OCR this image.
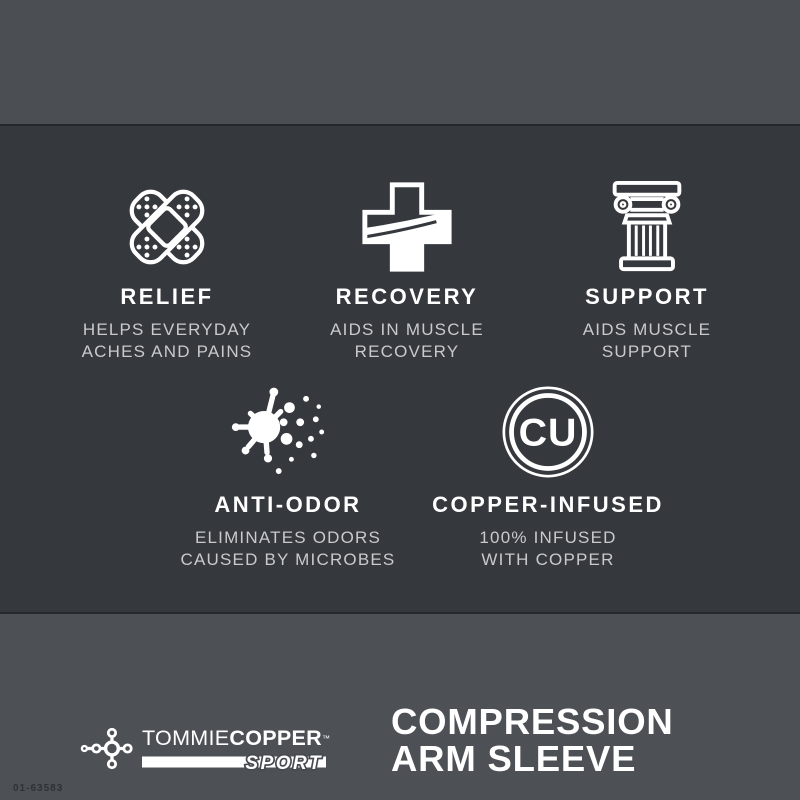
RELIEF
HELPS EVERYDAY
ACHES AND PAINS
RECOVERY
AIDS IN MUSCLE
RECOVERY
SUPPORT
AIDS MUSCLE
SUPPORT
ANTI-ODOR
ELIMINATES ODORS
CAUSED BY MICROBES
CU
COPPER-INFUSED
100% INFUSED
WITH COPPER
TOMMIECOPPER™
SPORT
COMPRESSION
ARM SLEEVE
01-63583
